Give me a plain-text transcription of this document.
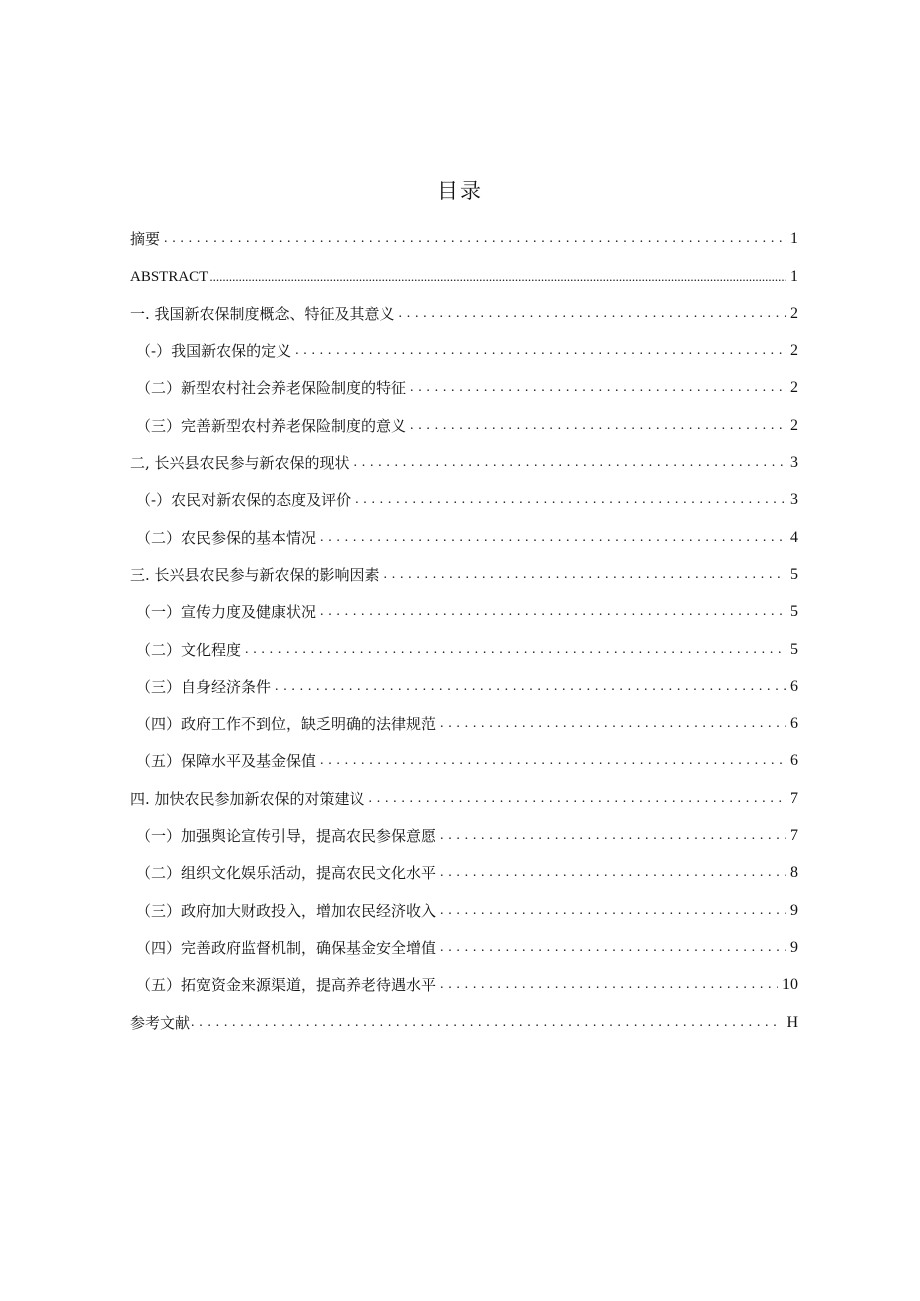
目录
摘要 . . .	1
ABSTRACT .....	1
一. 我国新农保制度概念、特征及其意义 . . .	2
（-）我国新农保的定义 . . .	2
（二）新型农村社会养老保险制度的特征 . . .	2
（三）完善新型农村养老保险制度的意义 . . .	2
二, 长兴县农民参与新农保的现状 . . .	3
（-）农民对新农保的态度及评价 . . .	3
（二）农民参保的基本情况 . . .	4
三. 长兴县农民参与新农保的影响因素 . . .	5
（一）宣传力度及健康状况 . . .	5
（二）文化程度 . . .	5
（三）自身经济条件 . . .	6
（四）政府工作不到位，缺乏明确的法律规范 . . .	6
（五）保障水平及基金保值 . . .	6
四. 加快农民参加新农保的对策建议 . . .	7
（一）加强舆论宣传引导，提高农民参保意愿 . . .	7
（二）组织文化娱乐活动，提高农民文化水平 . . .	8
（三）政府加大财政投入，增加农民经济收入 . . .	9
（四）完善政府监督机制，确保基金安全增值 . . .	9
（五）拓宽资金来源渠道，提高养老待遇水平 . . .	10
参考文献 . . .	H
